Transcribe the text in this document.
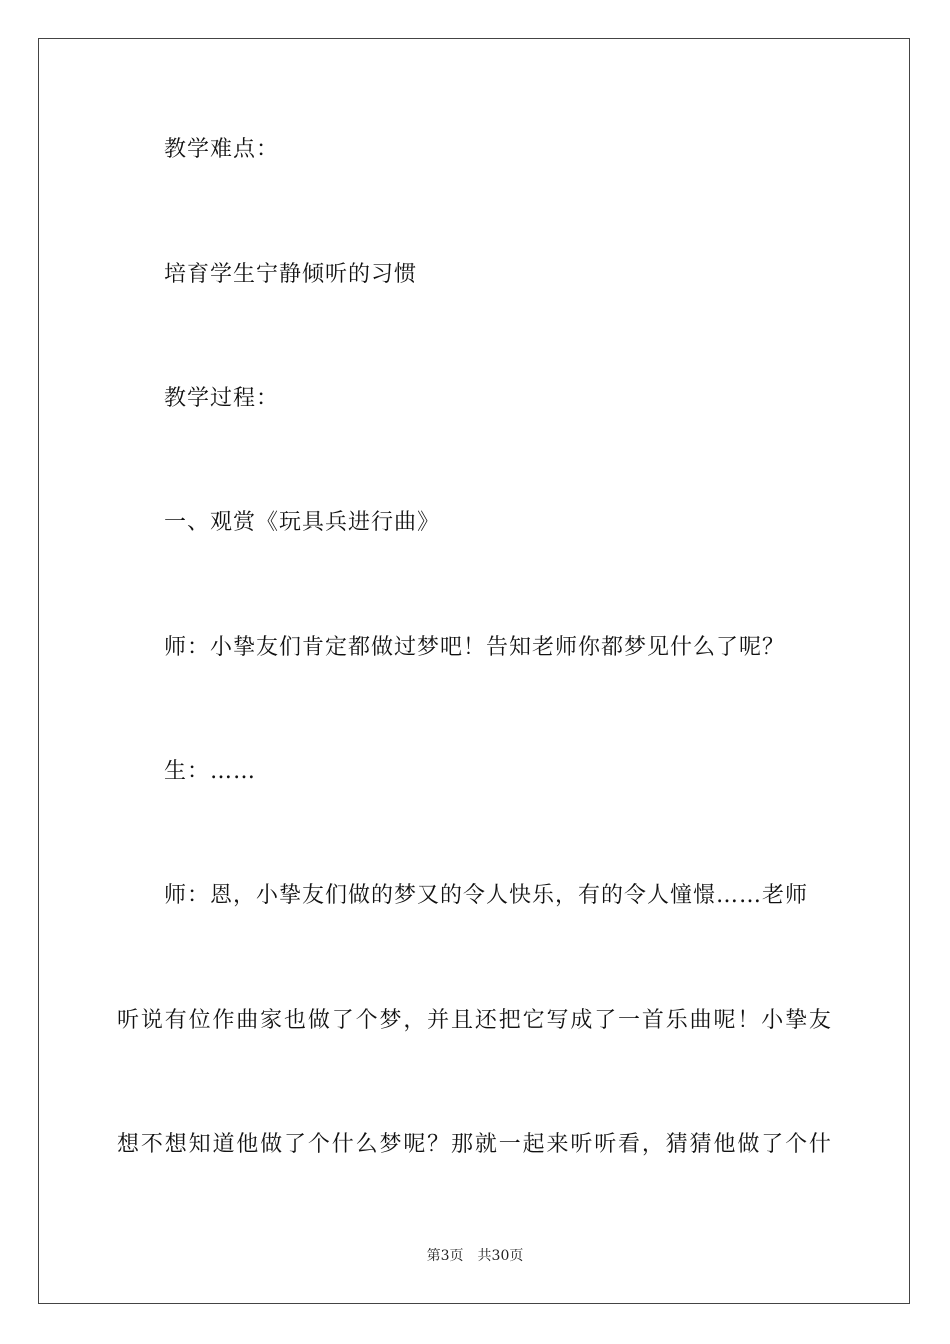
教学难点：
培育学生宁静倾听的习惯
教学过程：
一、观赏《玩具兵进行曲》
师：小挚友们肯定都做过梦吧！告知老师你都梦见什么了呢？
生：……
师：恩，小挚友们做的梦又的令人快乐，有的令人憧憬……老师
听 说 有 位 作 曲 家 也 做 了 个 梦 ， 并 且 还 把 它 写 成 了 一 首 乐 曲 呢 ！ 小 挚 友
想 不 想 知 道 他 做 了 个 什 么 梦 呢 ？ 那 就 一 起 来 听 听 看 ， 猜 猜 他 做 了 个 什
第3页 共30页
